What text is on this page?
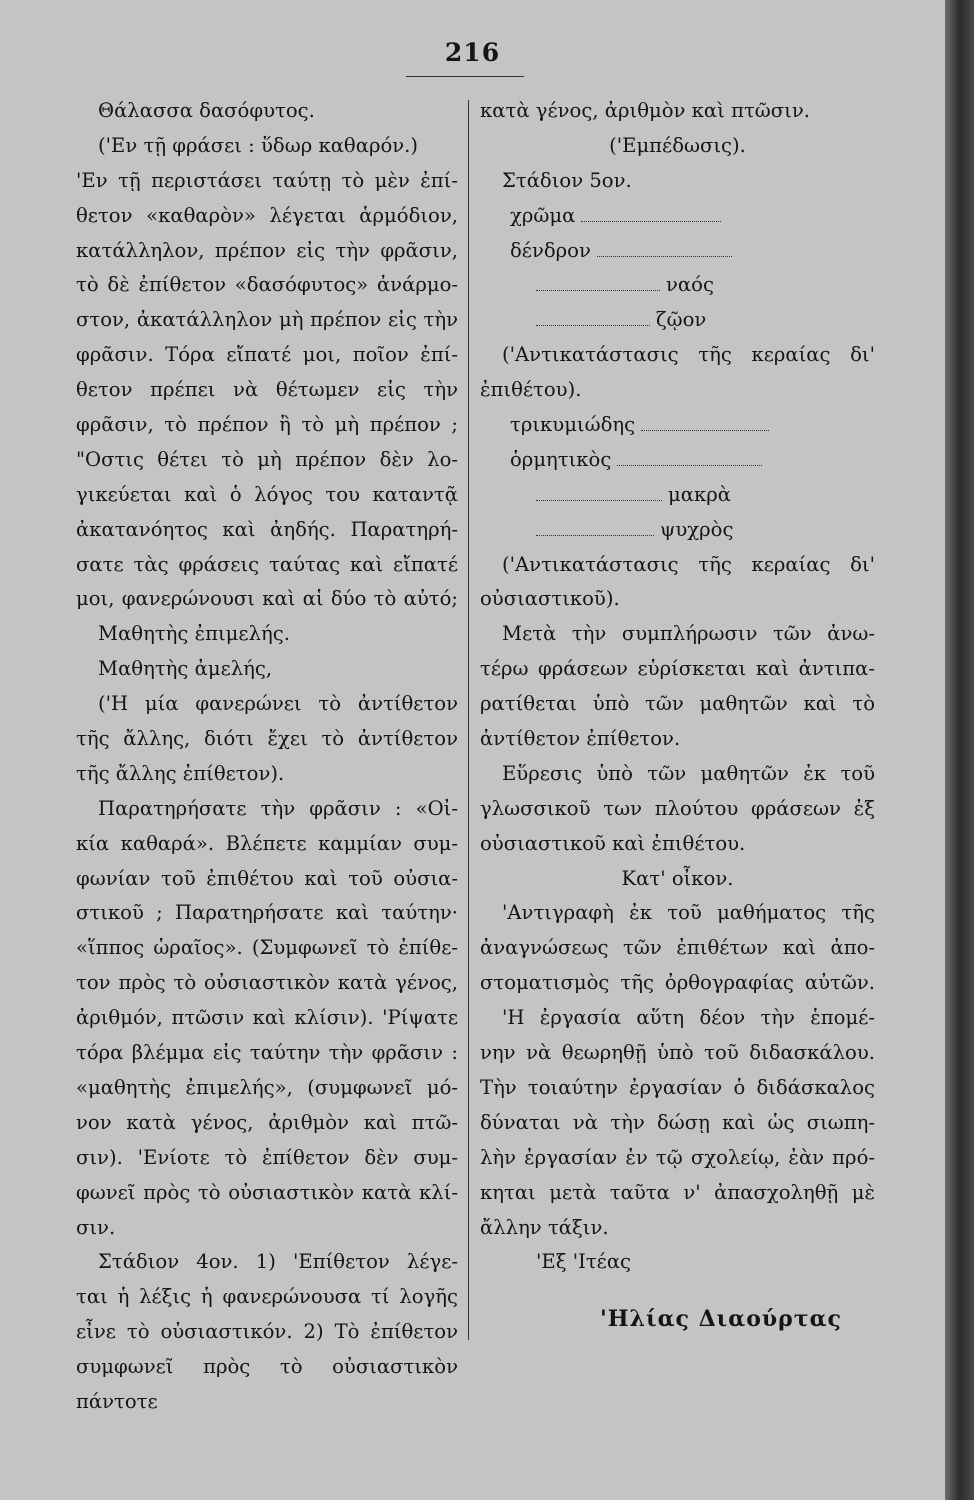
216
Θάλασσα δασόφυτος.
('Εν τῇ φράσει : ὕδωρ καθαρόν.)
'Εν τῇ περιστάσει ταύτῃ τὸ μὲν ἐπί-
θετον «καθαρὸν» λέγεται ἁρμόδιον,
κατάλληλον, πρέπον εἰς τὴν φρᾶσιν,
τὸ δὲ ἐπίθετον «δασόφυτος» ἀνάρμο-
στον, ἀκατάλληλον μὴ πρέπον εἰς τὴν
φρᾶσιν. Τόρα εἴπατέ μοι, ποῖον ἐπί-
θετον πρέπει νὰ θέτωμεν εἰς τὴν
φρᾶσιν, τὸ πρέπον ἢ τὸ μὴ πρέπον ;
"Οστις θέτει τὸ μὴ πρέπον δὲν λο-
γικεύεται καὶ ὁ λόγος του καταντᾷ
ἀκατανόητος καὶ ἀηδής. Παρατηρή-
σατε τὰς φράσεις ταύτας καὶ εἴπατέ
μοι, φανερώνουσι καὶ αἱ δύο τὸ αὐτό;
Μαθητὴς ἐπιμελής.
Μαθητὴς ἀμελής,
('Η μία φανερώνει τὸ ἀντίθετον
τῆς ἄλλης, διότι ἔχει τὸ ἀντίθετον
τῆς ἄλλης ἐπίθετον).
Παρατηρήσατε τὴν φρᾶσιν : «Οἰ-
κία καθαρά». Βλέπετε καμμίαν συμ-
φωνίαν τοῦ ἐπιθέτου καὶ τοῦ οὐσια-
στικοῦ ; Παρατηρήσατε καὶ ταύτην·
«ἵππος ὡραῖος». (Συμφωνεῖ τὸ ἐπίθε-
τον πρὸς τὸ οὐσιαστικὸν κατὰ γένος,
ἀριθμόν, πτῶσιν καὶ κλίσιν). 'Ρίψατε
τόρα βλέμμα εἰς ταύτην τὴν φρᾶσιν :
«μαθητὴς ἐπιμελής», (συμφωνεῖ μό-
νον κατὰ γένος, ἀριθμὸν καὶ πτῶ-
σιν). 'Ενίοτε τὸ ἐπίθετον δὲν συμ-
φωνεῖ πρὸς τὸ οὐσιαστικὸν κατὰ κλί-
σιν.
Στάδιον 4ον. 1) 'Επίθετον λέγε-
ται ἡ λέξις ἡ φανερώνουσα τί λογῆς
εἶνε τὸ οὐσιαστικόν. 2) Τὸ ἐπίθετον
συμφωνεῖ πρὸς τὸ οὐσιαστικὸν πάντοτε
κατὰ γένος, ἀριθμὸν καὶ πτῶσιν.
('Εμπέδωσις).
Στάδιον 5ον.
χρῶμα
δένδρον
ναός
ζῷον
('Αντικατάστασις τῆς κεραίας δι'
ἐπιθέτου).
τρικυμιώδης
ὁρμητικὸς
μακρὰ
ψυχρὸς
('Αντικατάστασις τῆς κεραίας δι'
οὐσιαστικοῦ).
Μετὰ τὴν συμπλήρωσιν τῶν ἀνω-
τέρω φράσεων εὑρίσκεται καὶ ἀντιπα-
ρατίθεται ὑπὸ τῶν μαθητῶν καὶ τὸ
ἀντίθετον ἐπίθετον.
Εὕρεσις ὑπὸ τῶν μαθητῶν ἐκ τοῦ
γλωσσικοῦ των πλούτου φράσεων ἐξ
οὐσιαστικοῦ καὶ ἐπιθέτου.
Κατ' οἶκον.
'Αντιγραφὴ ἐκ τοῦ μαθήματος τῆς
ἀναγνώσεως τῶν ἐπιθέτων καὶ ἀπο-
στοματισμὸς τῆς ὀρθογραφίας αὐτῶν.
'Η ἐργασία αὕτη δέον τὴν ἑπομέ-
νην νὰ θεωρηθῇ ὑπὸ τοῦ διδασκάλου.
Τὴν τοιαύτην ἐργασίαν ὁ διδάσκαλος
δύναται νὰ τὴν δώσῃ καὶ ὡς σιωπη-
λὴν ἐργασίαν ἐν τῷ σχολείῳ, ἐὰν πρό-
κηται μετὰ ταῦτα ν' ἀπασχοληθῇ μὲ
ἄλλην τάξιν.
'Εξ 'Ιτέας
'Ηλίας Διαούρτας
